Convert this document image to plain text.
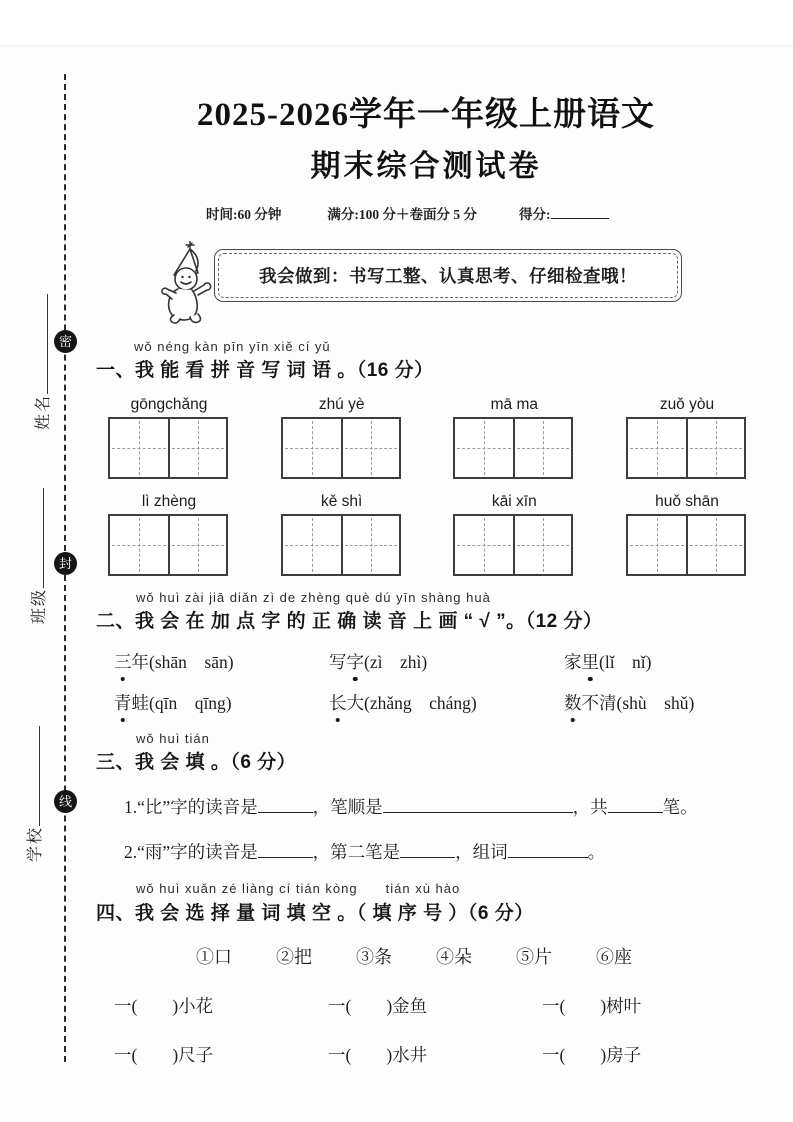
密
封
线
姓名
班级
学校
2025-2026学年一年级上册语文
期末综合测试卷
时间:60 分钟	满分:100 分＋卷面分 5 分	得分:
我会做到：书写工整、认真思考、仔细检查哦！
wǒ néng kàn pīn yīn xiě cí yǔ
一、我 能 看 拼 音 写 词 语 。（16 分）
gōngchǎng	zhú yè	mā ma	zuǒ yòu
lì zhèng	kě shì	kāi xīn	huǒ shān
wǒ huì zài jiā diǎn zì de zhèng què dú yīn shàng huà
二、我 会 在 加 点 字 的 正 确 读 音 上 画 “ √ ”。（12 分）
三年(shān　sān)	写字(zì　zhì)	家里(lǐ　nǐ)
青蛙(qīn　qīng)	长大(zhǎng　cháng)	数不清(shù　shǔ)
wǒ huì tián
三、我 会 填 。（6 分）
1.“比”字的读音是	，笔顺是	，共	笔。
2.“雨”字的读音是	，第二笔是	，组词	。
wǒ huì xuǎn zé liàng cí tián kòng　　tián xù hào
四、我 会 选 择 量 词 填 空 。（ 填 序 号 ）（6 分）
①口 ②把 ③条 ④朵 ⑤片 ⑥座
一(　　)小花	一(　　)金鱼	一(　　)树叶
一(　　)尺子	一(　　)水井	一(　　)房子
